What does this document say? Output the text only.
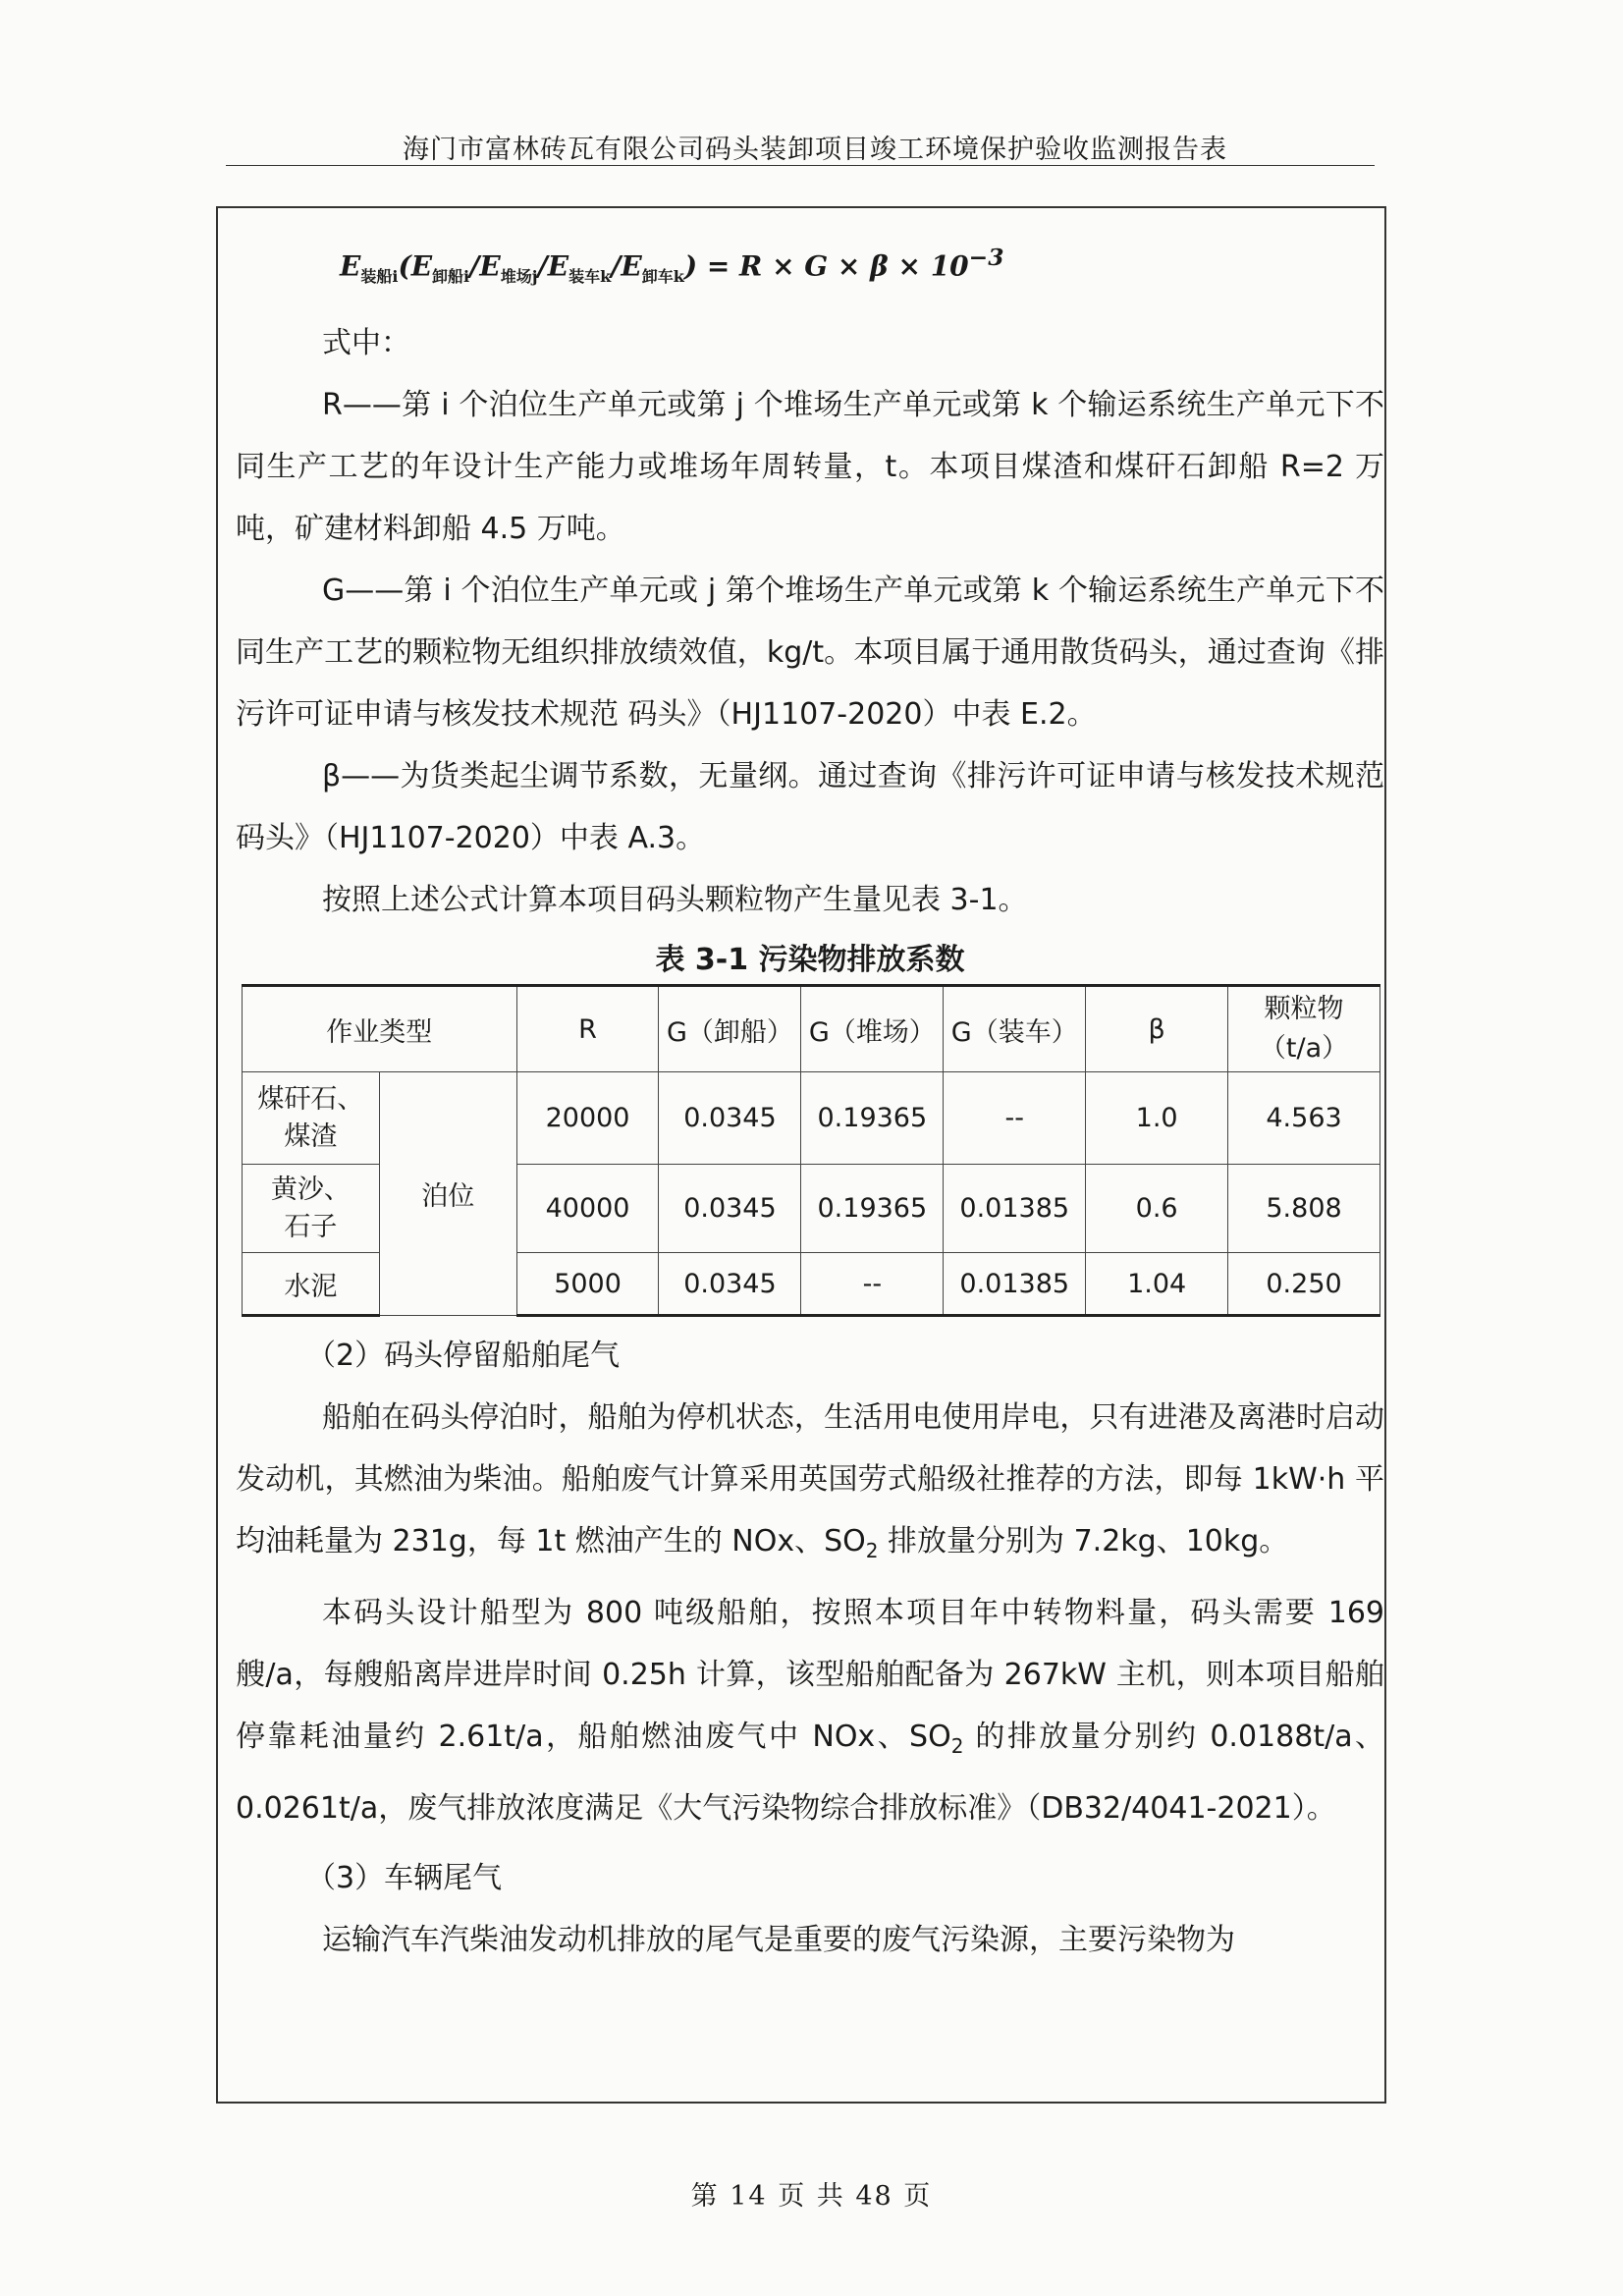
海门市富林砖瓦有限公司码头装卸项目竣工环境保护验收监测报告表
$E_{装船i}(E_{卸船i}/E_{堆场j}/E_{装车k}/E_{卸车k}) = R \times G \times \beta \times 10^{-3}$

式中：

R——第 i 个泊位生产单元或第 j 个堆场生产单元或第 k 个输运系统生产单元下不同生产工艺的年设计生产能力或堆场年周转量，t。本项目煤渣和煤矸石卸船 R=2 万吨，矿建材料卸船 4.5 万吨。

G——第 i 个泊位生产单元或 j 第个堆场生产单元或第 k 个输运系统生产单元下不同生产工艺的颗粒物无组织排放绩效值，kg/t。本项目属于通用散货码头，通过查询《排污许可证申请与核发技术规范 码头》（HJ1107-2020）中表 E.2。

β——为货类起尘调节系数，无量纲。通过查询《排污许可证申请与核发技术规范 码头》（HJ1107-2020）中表 A.3。

按照上述公式计算本项目码头颗粒物产生量见表 3-1。

表 3-1 污染物排放系数
作业类型		R	G（卸船）	G（堆场）	G（装车）	β	颗粒物
（t/a）
煤矸石、
煤渣	泊位	20000	0.0345	0.19365	--	1.0	4.563
黄沙、
石子		40000	0.0345	0.19365	0.01385	0.6	5.808
水泥		5000	0.0345	--	0.01385	1.04	0.250

（2）码头停留船舶尾气

船舶在码头停泊时，船舶为停机状态，生活用电使用岸电，只有进港及离港时启动发动机，其燃油为柴油。船舶废气计算采用英国劳式船级社推荐的方法，即每 1kW·h 平均油耗量为 231g，每 1t 燃油产生的 NOx、$SO_2$ 排放量分别为 7.2kg、10kg。

本码头设计船型为 800 吨级船舶，按照本项目年中转物料量，码头需要 169 艘/a，每艘船离岸进岸时间 0.25h 计算，该型船舶配备为 267kW 主机，则本项目船舶停靠耗油量约 2.61t/a，船舶燃油废气中 NOx、$SO_2$ 的排放量分别约 0.0188t/a、0.0261t/a，废气排放浓度满足《大气污染物综合排放标准》（DB32/4041-2021）。

（3）车辆尾气

运输汽车汽柴油发动机排放的尾气是重要的废气污染源，主要污染物为

第 14 页 共 48 页
